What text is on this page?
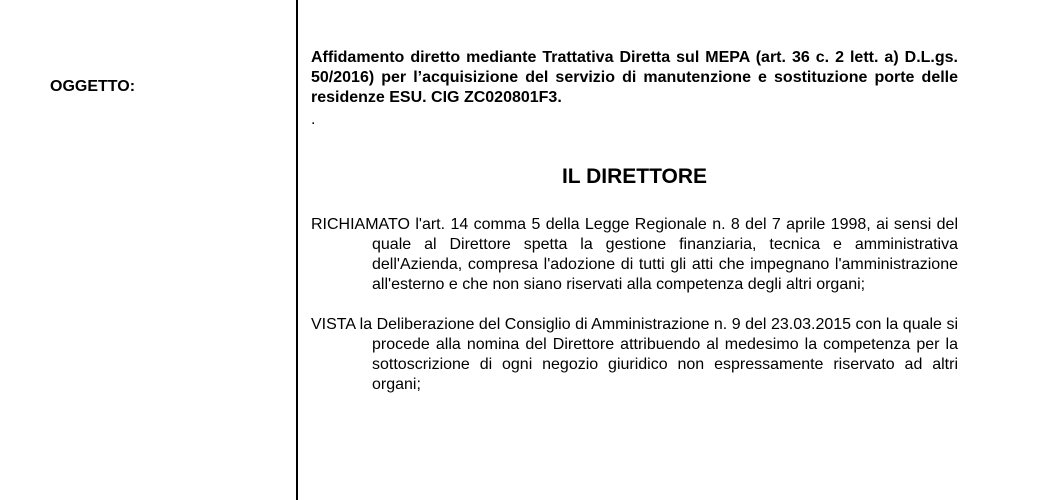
OGGETTO:
Affidamento diretto mediante Trattativa Diretta sul MEPA (art. 36 c. 2 lett. a) D.L.gs. 50/2016) per l’acquisizione del servizio di manutenzione e sostituzione porte delle residenze ESU. CIG ZC020801F3.
.
IL DIRETTORE
RICHIAMATO l'art. 14 comma 5 della Legge Regionale n. 8 del 7 aprile 1998, ai sensi del quale al Direttore spetta la gestione finanziaria, tecnica e amministrativa dell'Azienda, compresa l'adozione di tutti gli atti che impegnano l'amministrazione all'esterno e che non siano riservati alla competenza degli altri organi;
VISTA la Deliberazione del Consiglio di Amministrazione n. 9 del 23.03.2015 con la quale si procede alla nomina del Direttore attribuendo al medesimo la competenza per la sottoscrizione di ogni negozio giuridico non espressamente riservato ad altri organi;
